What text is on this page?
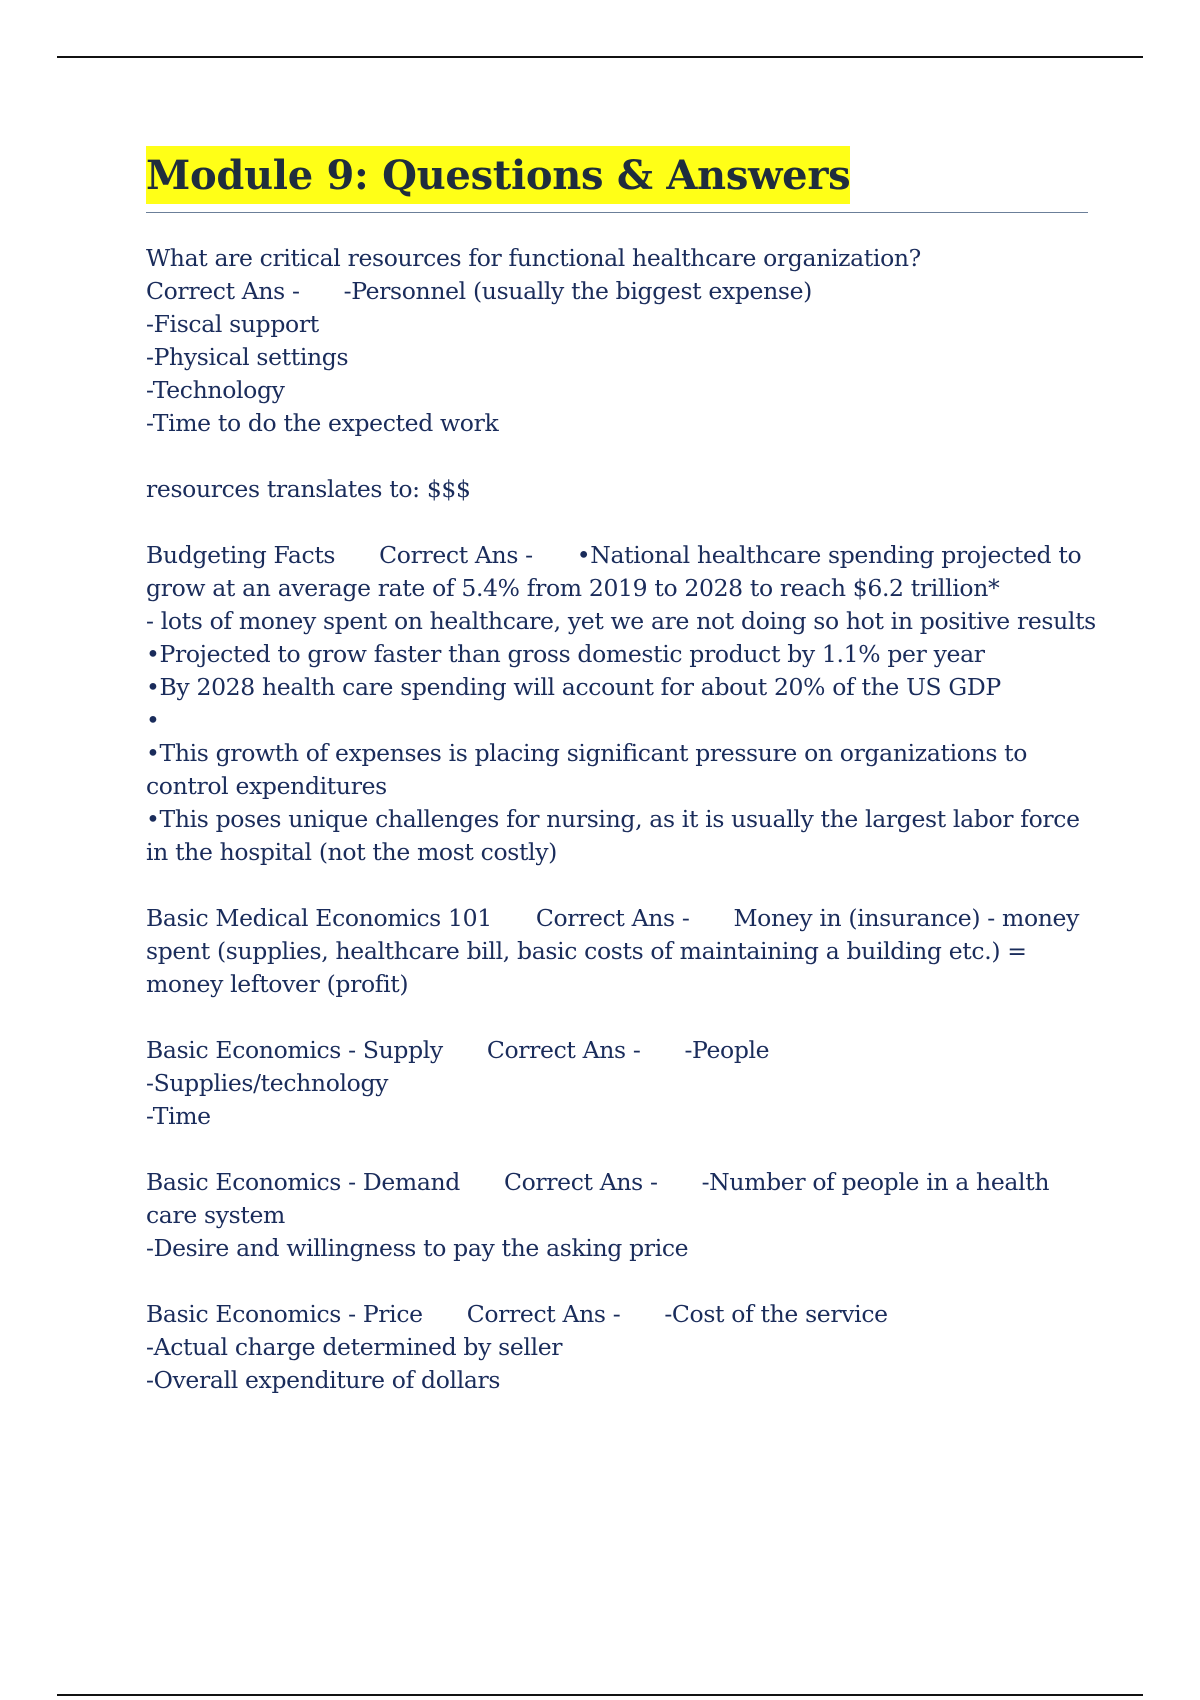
Module 9: Questions & Answers

What are critical resources for functional healthcare organization?

Correct Ans - -Personnel (usually the biggest expense)

-Fiscal support

-Physical settings

-Technology

-Time to do the expected work

resources translates to: $$$

Budgeting Facts Correct Ans - •National healthcare spending projected to grow at an average rate of 5.4% from 2019 to 2028 to reach $6.2 trillion*

- lots of money spent on healthcare, yet we are not doing so hot in positive results

•Projected to grow faster than gross domestic product by 1.1% per year

•By 2028 health care spending will account for about 20% of the US GDP

•

•This growth of expenses is placing significant pressure on organizations to control expenditures

•This poses unique challenges for nursing, as it is usually the largest labor force in the hospital (not the most costly)

Basic Medical Economics 101 Correct Ans - Money in (insurance) - money spent (supplies, healthcare bill, basic costs of maintaining a building etc.) = money leftover (profit)

Basic Economics - Supply Correct Ans - -People

-Supplies/technology

-Time

Basic Economics - Demand Correct Ans - -Number of people in a health care system

-Desire and willingness to pay the asking price

Basic Economics - Price Correct Ans - -Cost of the service

-Actual charge determined by seller

-Overall expenditure of dollars
